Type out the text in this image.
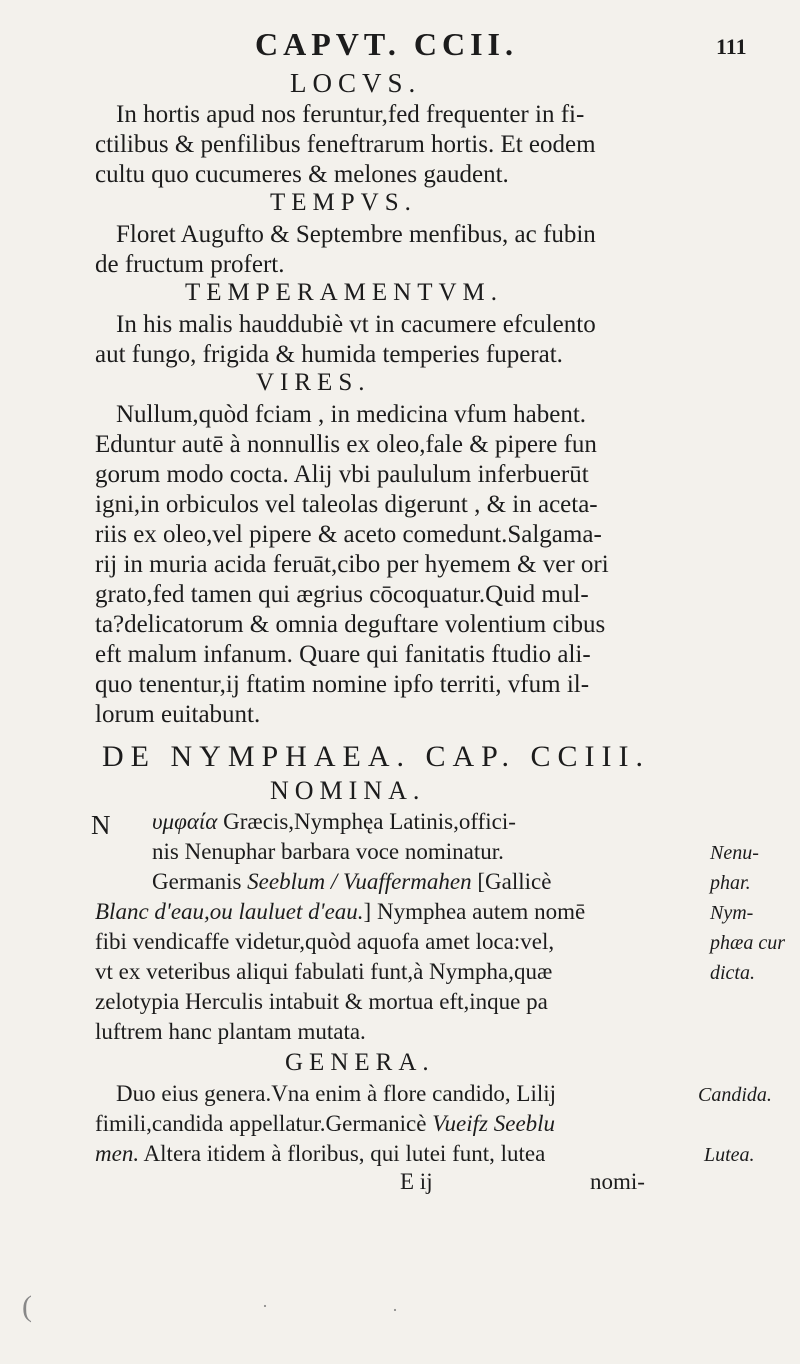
CAPVT. CCII.	111
LOCVS.
In hortis apud nos feruntur,fed frequenter in fi-
ctilibus & penfilibus feneftrarum hortis. Et eodem
cultu quo cucumeres & melones gaudent.
TEMPVS.
Floret Augufto & Septembre menfibus, ac fubin
de fructum profert.
TEMPERAMENTVM.
In his malis hauddubiè vt in cacumere efculento
aut fungo, frigida & humida temperies fuperat.
VIRES.
Nullum,quòd fciam , in medicina vfum habent.
Eduntur autē à nonnullis ex oleo,fale & pipere fun
gorum modo cocta. Alij vbi paululum inferbuerūt
igni,in orbiculos vel taleolas digerunt , & in aceta-
riis ex oleo,vel pipere & aceto comedunt.Salgama-
rij in muria acida feruāt,cibo per hyemem & ver ori
grato,fed tamen qui ægrius cōcoquatur.Quid mul-
ta?delicatorum & omnia deguftare volentium cibus
eft malum infanum. Quare qui fanitatis ftudio ali-
quo tenentur,ij ftatim nomine ipfo territi, vfum il-
lorum euitabunt.
DE NYMPHAEA. CAP. CCIII.
NOMINA.
N υμφαία Græcis,Nymphęa Latinis,offici-
nis Nenuphar barbara voce nominatur.
Germanis Seeblum / Vuaffermahen [Gallicè
Blanc d'eau,ou lauluet d'eau.] Nymphea autem nomē
fibi vendicaffe videtur,quòd aquofa amet loca:vel,
vt ex veteribus aliqui fabulati funt,à Nympha,quæ
zelotypia Herculis intabuit & mortua eft,inque pa
luftrem hanc plantam mutata.
GENERA.
Duo eius genera.Vna enim à flore candido, Lilij
fimili,candida appellatur.Germanicè Vueifz Seeblu
men. Altera itidem à floribus, qui lutei funt, lutea
E ij	nomi-
Nenu-
phar.
Nym-
phæa cur
dicta.
Candida.
Lutea.
(	·	·
